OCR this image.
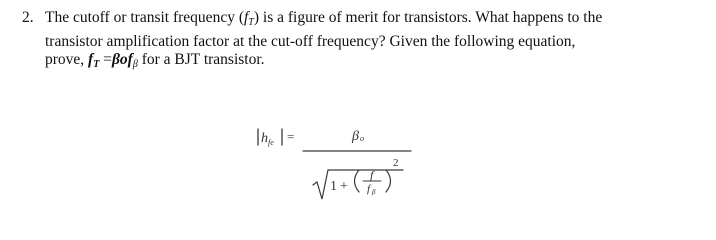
2. The cutoff or transit frequency $(f_T)$ is a figure of merit for transistors. What happens to the
transistor amplification factor at the cut-off frequency? Given the following equation,
prove, $f_T =\beta of_\beta$ for a BJT transistor.
h fe =	β o
1 +
f
f β
2
